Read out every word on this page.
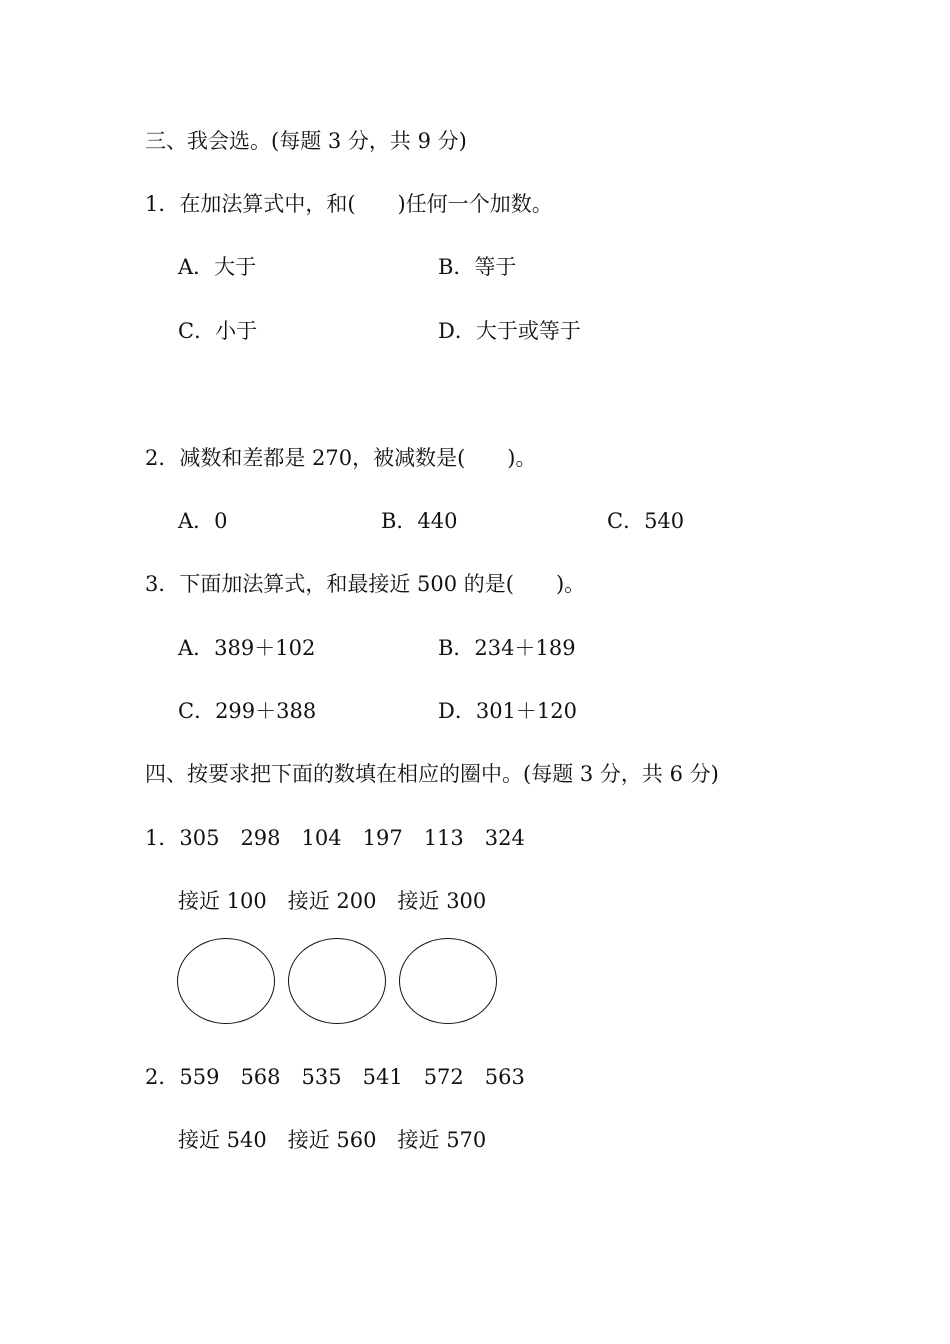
三、我会选。(每题 3 分，共 9 分)
1．在加法算式中，和(　　)任何一个加数。
A．大于	B．等于
C．小于	D．大于或等于
2．减数和差都是 270，被减数是(　　)。
A．0	B．440	C．540
3．下面加法算式，和最接近 500 的是(　　)。
A．389＋102	B．234＋189
C．299＋388	D．301＋120
四、按要求把下面的数填在相应的圈中。(每题 3 分，共 6 分)
1．305　298　104　197　113　324
接近 100　接近 200　接近 300
2．559　568　535　541　572　563
接近 540　接近 560　接近 570
